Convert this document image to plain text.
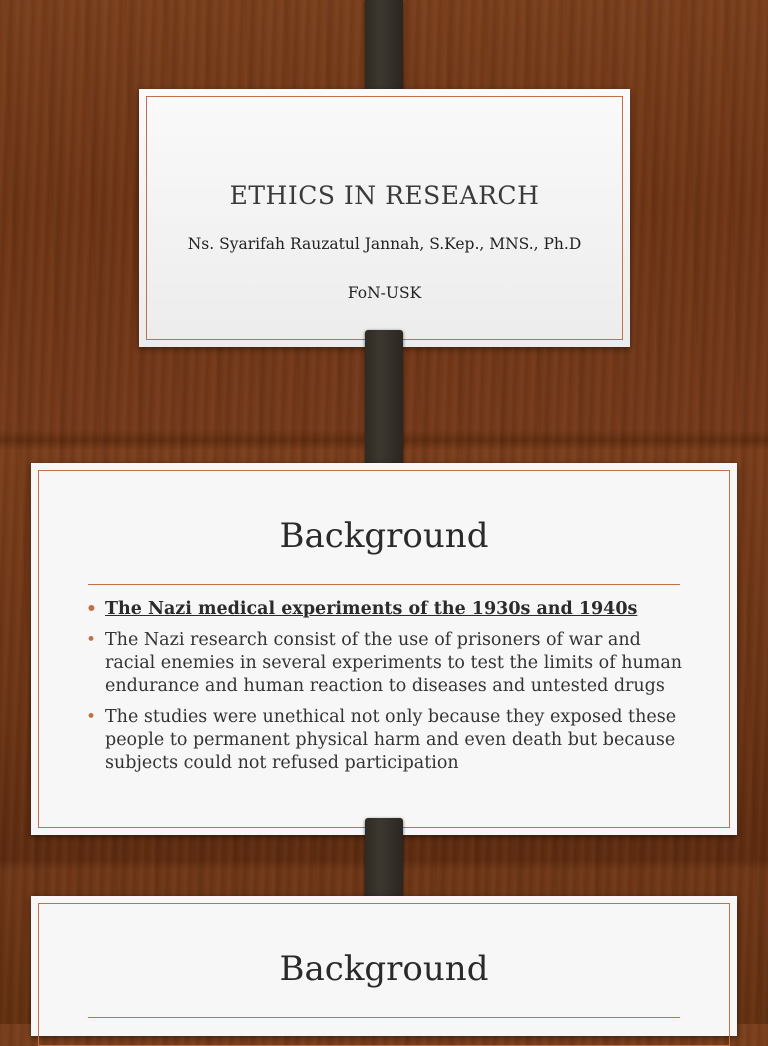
ETHICS IN RESEARCH
Ns. Syarifah Rauzatul Jannah, S.Kep., MNS., Ph.D
FoN-USK
Background
• The Nazi medical experiments of the 1930s and 1940s
• The Nazi research consist of the use of prisoners of war and racial enemies in several experiments to test the limits of human endurance and human reaction to diseases and untested drugs
• The studies were unethical not only because they exposed these people to permanent physical harm and even death but because subjects could not refused participation
Background
